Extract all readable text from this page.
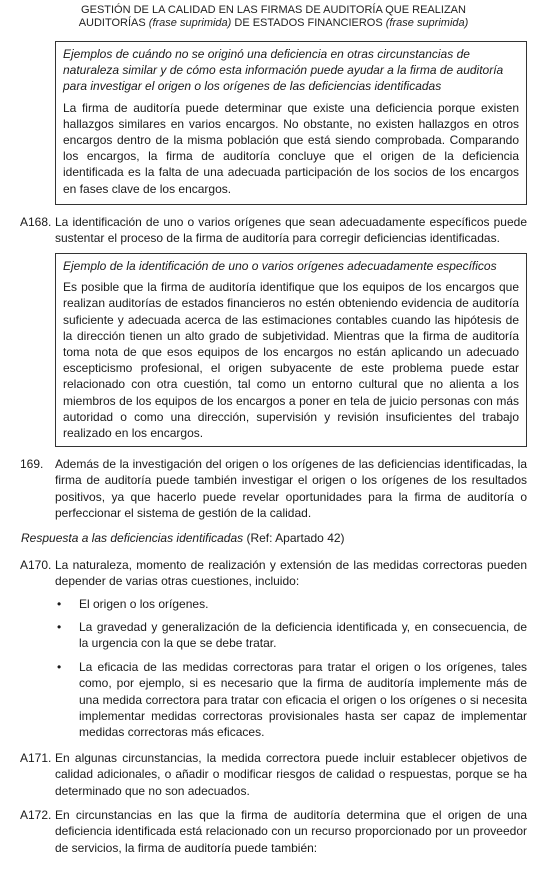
GESTIÓN DE LA CALIDAD EN LAS FIRMAS DE AUDITORÍA QUE REALIZAN
AUDITORÍAS (frase suprimida) DE ESTADOS FINANCIEROS (frase suprimida)

Ejemplos de cuándo no se originó una deficiencia en otras circunstancias de naturaleza similar y de cómo esta información puede ayudar a la firma de auditoría para investigar el origen o los orígenes de las deficiencias identificadas

La firma de auditoría puede determinar que existe una deficiencia porque existen hallazgos similares en varios encargos. No obstante, no existen hallazgos en otros encargos dentro de la misma población que está siendo comprobada. Comparando los encargos, la firma de auditoría concluye que el origen de la deficiencia identificada es la falta de una adecuada participación de los socios de los encargos en fases clave de los encargos.

A168. La identificación de uno o varios orígenes que sean adecuadamente específicos puede sustentar el proceso de la firma de auditoría para corregir deficiencias identificadas.

Ejemplo de la identificación de uno o varios orígenes adecuadamente específicos

Es posible que la firma de auditoría identifique que los equipos de los encargos que realizan auditorías de estados financieros no estén obteniendo evidencia de auditoría suficiente y adecuada acerca de las estimaciones contables cuando las hipótesis de la dirección tienen un alto grado de subjetividad. Mientras que la firma de auditoría toma nota de que esos equipos de los encargos no están aplicando un adecuado escepticismo profesional, el origen subyacente de este problema puede estar relacionado con otra cuestión, tal como un entorno cultural que no alienta a los miembros de los equipos de los encargos a poner en tela de juicio personas con más autoridad o como una dirección, supervisión y revisión insuficientes del trabajo realizado en los encargos.

169. Además de la investigación del origen o los orígenes de las deficiencias identificadas, la firma de auditoría puede también investigar el origen o los orígenes de los resultados positivos, ya que hacerlo puede revelar oportunidades para la firma de auditoría o perfeccionar el sistema de gestión de la calidad.

Respuesta a las deficiencias identificadas (Ref: Apartado 42)
A170. La naturaleza, momento de realización y extensión de las medidas correctoras pueden depender de varias otras cuestiones, incluido:

• El origen o los orígenes.

• La gravedad y generalización de la deficiencia identificada y, en consecuencia, de la urgencia con la que se debe tratar.

• La eficacia de las medidas correctoras para tratar el origen o los orígenes, tales como, por ejemplo, si es necesario que la firma de auditoría implemente más de una medida correctora para tratar con eficacia el origen o los orígenes o si necesita implementar medidas correctoras provisionales hasta ser capaz de implementar medidas correctoras más eficaces.

A171. En algunas circunstancias, la medida correctora puede incluir establecer objetivos de calidad adicionales, o añadir o modificar riesgos de calidad o respuestas, porque se ha determinado que no son adecuados.

A172. En circunstancias en las que la firma de auditoría determina que el origen de una deficiencia identificada está relacionado con un recurso proporcionado por un proveedor de servicios, la firma de auditoría puede también:
